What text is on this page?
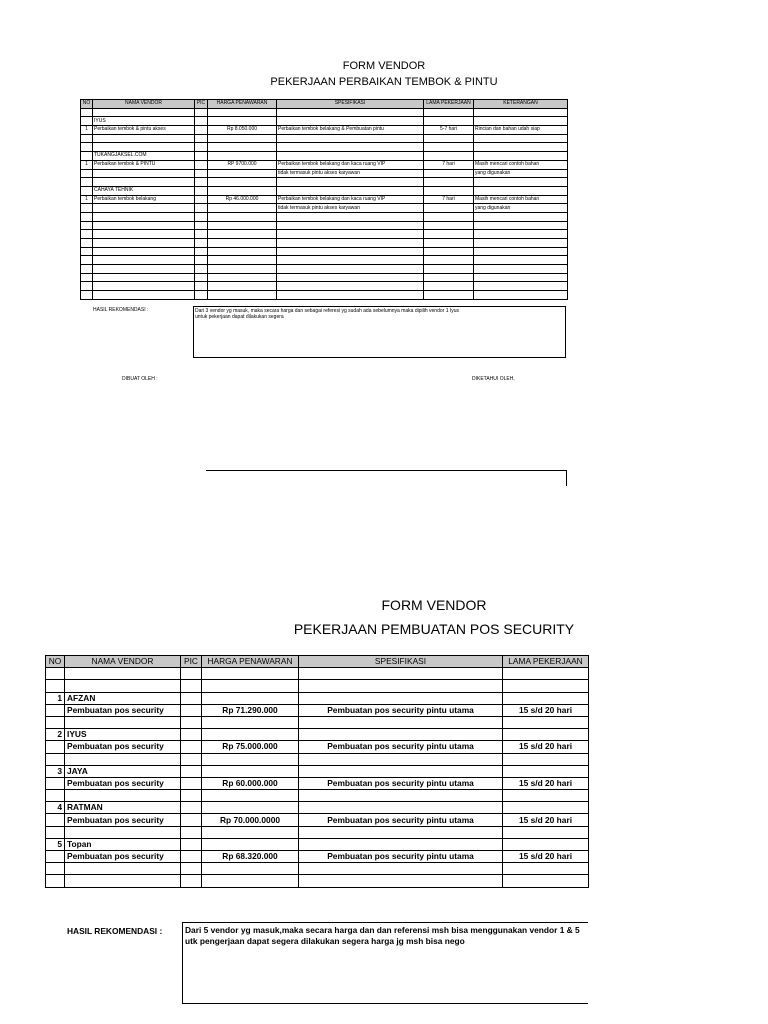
FORM VENDOR
PEKERJAAN PERBAIKAN TEMBOK & PINTU
NO	NAMA VENDOR	PIC	HARGA PENAWARAN	SPESIFIKASI	LAMA PEKERJAAN	KETERANGAN

	IYUS					
1	Perbaikan tembok & pintu akses		Rp 8.050.000	Perbaikan tembok belakang & Pembuatan pintu	5-7 hari	Rincian dan bahan udah siap

	TUKANGJAKSEL.COM					
1	Perbaikan tembok & PINTU		RP 9700.000	Perbaikan tembok belakang dan kaca ruang VIP	7 hari	Masih mencari contoh bahan
				tidak termasuk pintu akses karyawan		yang digunakan

	CAHAYA TEHNIK					
1	Perbaikan tembok belakang		Rp 46.000.000	Perbaikan tembok belakang dan kaca ruang VIP	7 hari	Masih mencari contoh bahan
				tidak termasuk pintu akses karyawan		yang digunakan

HASIL REKOMENDASI :	Dari 3 vendor yg masuk, maka secara harga dan sebagai referesi yg sudah ada sebelumnya maka dipilih vendor 1 Iyus
untuk pekerjaan dapat dilakukan segera
DIBUAT OLEH :	DIKETAHUI OLEH,
FORM VENDOR
PEKERJAAN PEMBUATAN POS SECURITY
NO	NAMA VENDOR	PIC	HARGA PENAWARAN	SPESIFIKASI	LAMA PEKERJAAN

1	AFZAN				
	Pembuatan pos security		Rp 71.290.000	Pembuatan pos security pintu utama	15 s/d 20 hari

2	IYUS				
	Pembuatan pos security		Rp 75.000.000	Pembuatan pos security pintu utama	15 s/d 20 hari

3	JAYA				
	Pembuatan pos security		Rp 60.000.000	Pembuatan pos security pintu utama	15 s/d 20 hari

4	RATMAN				
	Pembuatan pos security		Rp 70.000.0000	Pembuatan pos security pintu utama	15 s/d 20 hari

5	Topan				
	Pembuatan pos security		Rp 68.320.000	Pembuatan pos security pintu utama	15 s/d 20 hari

HASIL REKOMENDASI :	Dari 5 vendor yg masuk,maka secara harga dan dan referensi msh bisa menggunakan vendor 1 & 5
utk pengerjaan dapat segera dilakukan segera harga jg msh bisa nego
